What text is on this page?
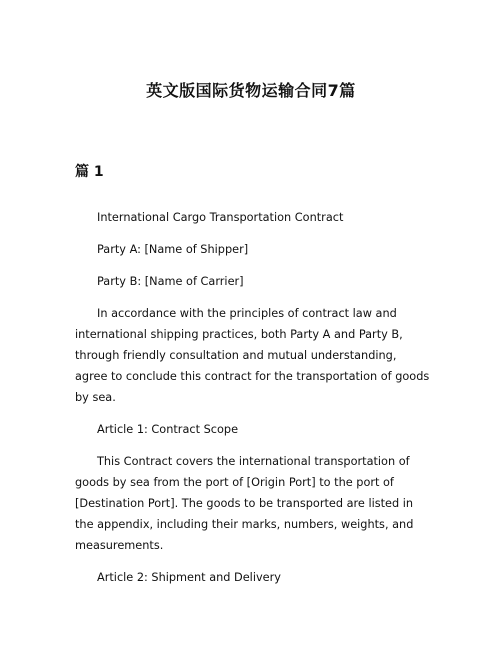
英文版国际货物运输合同7篇
篇 1

International Cargo Transportation Contract

Party A: [Name of Shipper]

Party B: [Name of Carrier]

In accordance with the principles of contract law and international shipping practices, both Party A and Party B, through friendly consultation and mutual understanding, agree to conclude this contract for the transportation of goods by sea.

Article 1: Contract Scope

This Contract covers the international transportation of goods by sea from the port of [Origin Port] to the port of [Destination Port]. The goods to be transported are listed in the appendix, including their marks, numbers, weights, and measurements.

Article 2: Shipment and Delivery
